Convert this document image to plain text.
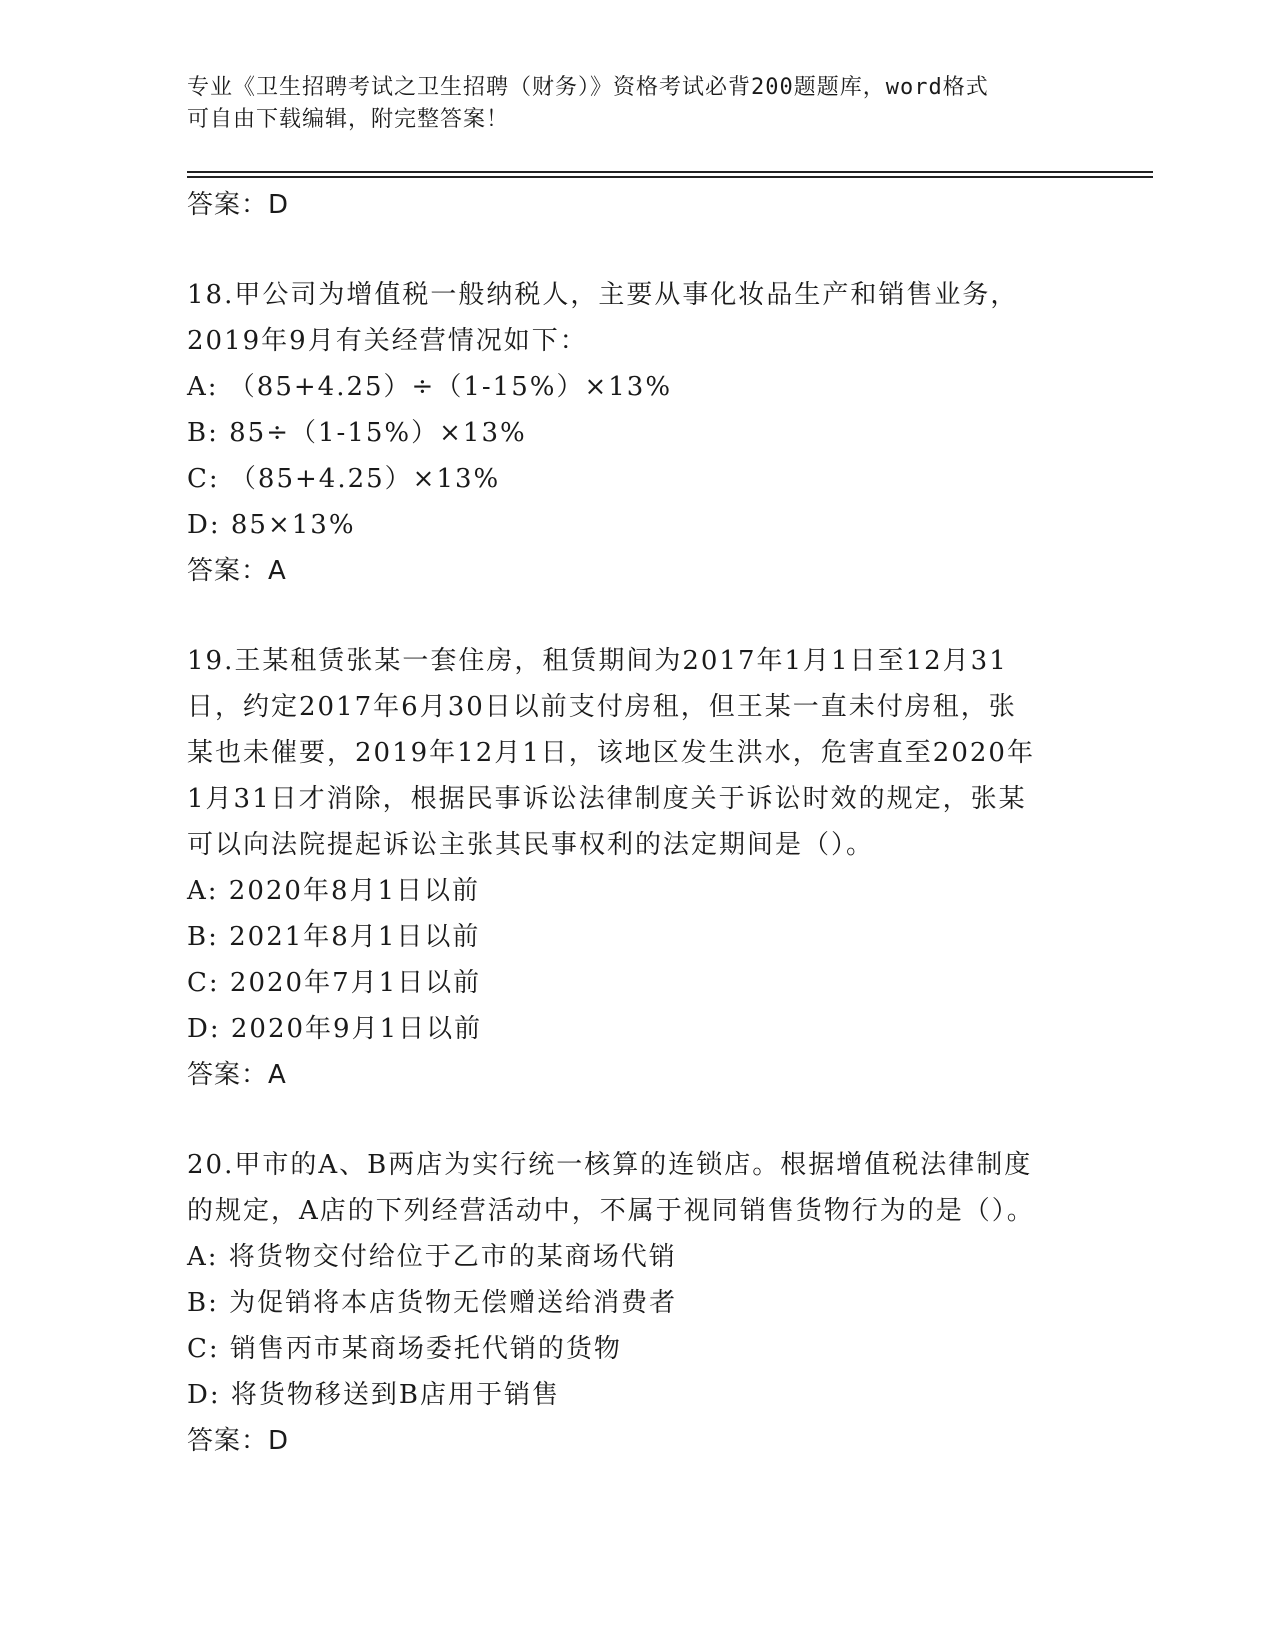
专业《卫生招聘考试之卫生招聘（财务）》资格考试必背200题题库，word格式
可自由下载编辑，附完整答案！
答案：D
18.甲公司为增值税一般纳税人，主要从事化妆品生产和销售业务，
2019年9月有关经营情况如下：
A: （85+4.25）÷（1-15%）×13%
B: 85÷（1-15%）×13%
C: （85+4.25）×13%
D: 85×13%
答案：A
19.王某租赁张某一套住房，租赁期间为2017年1月1日至12月31
日，约定2017年6月30日以前支付房租，但王某一直未付房租，张
某也未催要，2019年12月1日，该地区发生洪水，危害直至2020年
1月31日才消除，根据民事诉讼法律制度关于诉讼时效的规定，张某
可以向法院提起诉讼主张其民事权利的法定期间是（）。
A: 2020年8月1日以前
B: 2021年8月1日以前
C: 2020年7月1日以前
D: 2020年9月1日以前
答案：A
20.甲市的A、B两店为实行统一核算的连锁店。根据增值税法律制度
的规定，A店的下列经营活动中，不属于视同销售货物行为的是（）。
A: 将货物交付给位于乙市的某商场代销
B: 为促销将本店货物无偿赠送给消费者
C: 销售丙市某商场委托代销的货物
D: 将货物移送到B店用于销售
答案：D
